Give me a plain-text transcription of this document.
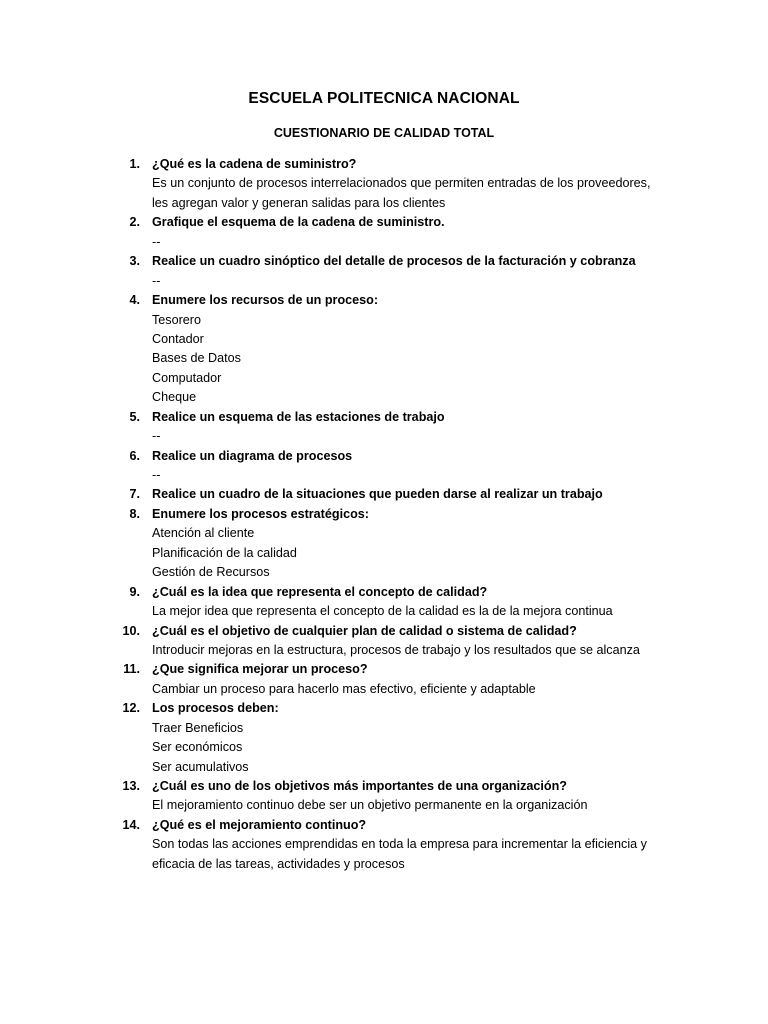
ESCUELA POLITECNICA NACIONAL
CUESTIONARIO DE CALIDAD TOTAL
1. ¿Qué es la cadena de suministro?
Es un conjunto de procesos interrelacionados que permiten entradas de los proveedores,
les agregan valor y generan salidas para los clientes
2. Grafique el esquema de la cadena de suministro.
--
3. Realice un cuadro sinóptico del detalle de procesos de la facturación y cobranza
--
4. Enumere los recursos de un proceso:
Tesorero
Contador
Bases de Datos
Computador
Cheque
5. Realice un esquema de las estaciones de trabajo
--
6. Realice un diagrama de procesos
--
7. Realice un cuadro de la situaciones que pueden darse al realizar un trabajo
8. Enumere los procesos estratégicos:
Atención al cliente
Planificación de la calidad
Gestión de Recursos
9. ¿Cuál es la idea que representa el concepto de calidad?
La mejor idea que representa el concepto de la calidad es la de la mejora continua
10. ¿Cuál es el objetivo de cualquier plan de calidad o sistema de calidad?
Introducir mejoras en la estructura, procesos de trabajo y los resultados que se alcanza
11. ¿Que significa mejorar un proceso?
Cambiar un proceso para hacerlo mas efectivo, eficiente y adaptable
12. Los procesos deben:
Traer Beneficios
Ser económicos
Ser acumulativos
13. ¿Cuál es uno de los objetivos más importantes de una organización?
El mejoramiento continuo debe ser un objetivo permanente en la organización
14. ¿Qué es el mejoramiento continuo?
Son todas las acciones emprendidas en toda la empresa para incrementar la eficiencia y
eficacia de las tareas, actividades y procesos
